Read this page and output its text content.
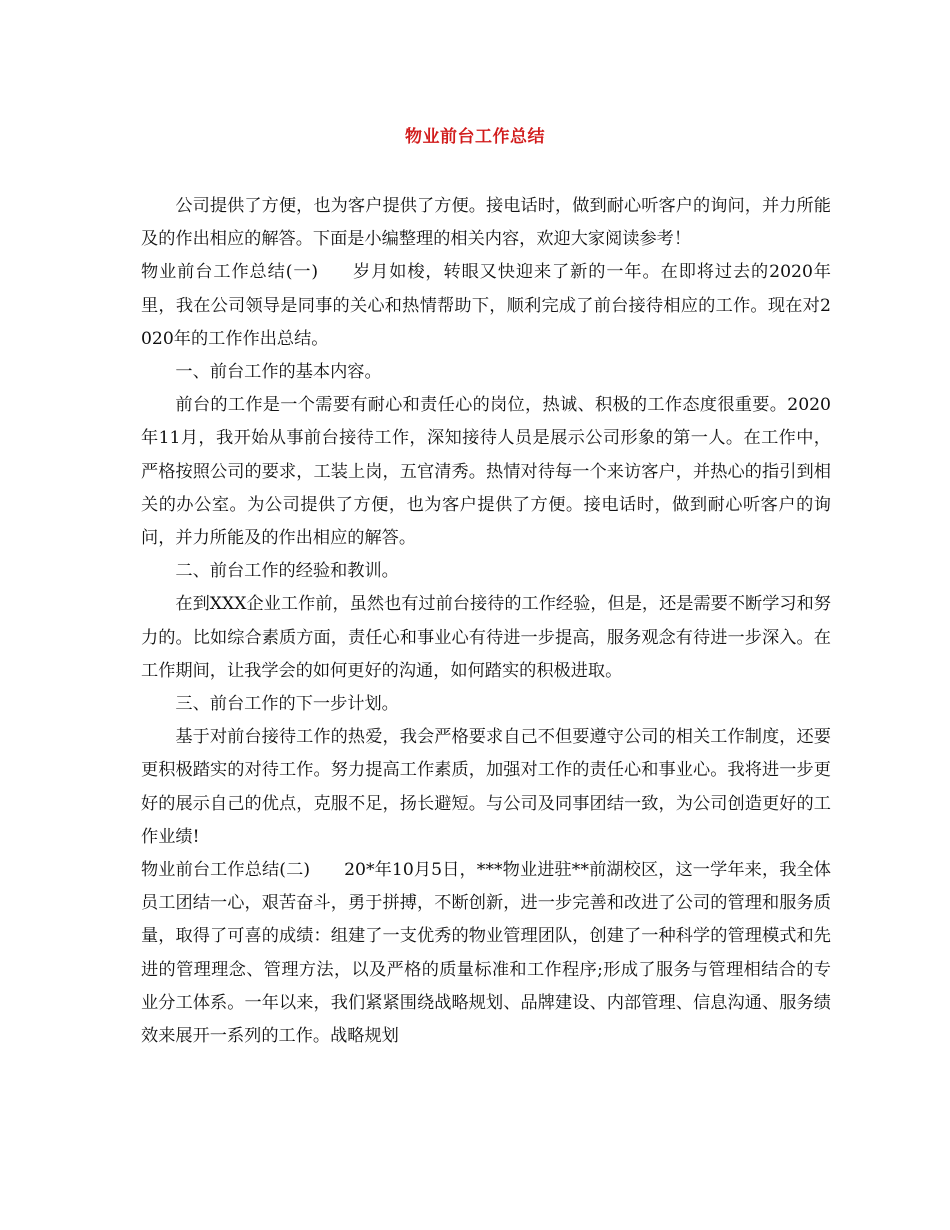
物业前台工作总结

公司提供了方便，也为客户提供了方便。接电话时，做到耐心听客户的询问，并力所能及的作出相应的解答。下面是小编整理的相关内容，欢迎大家阅读参考！

物业前台工作总结(一) 岁月如梭，转眼又快迎来了新的一年。在即将过去的2020年里，我在公司领导是同事的关心和热情帮助下，顺利完成了前台接待相应的工作。现在对2020年的工作作出总结。

一、前台工作的基本内容。

前台的工作是一个需要有耐心和责任心的岗位，热诚、积极的工作态度很重要。2020年11月，我开始从事前台接待工作，深知接待人员是展示公司形象的第一人。在工作中，严格按照公司的要求，工装上岗，五官清秀。热情对待每一个来访客户，并热心的指引到相关的办公室。为公司提供了方便，也为客户提供了方便。接电话时，做到耐心听客户的询问，并力所能及的作出相应的解答。

二、前台工作的经验和教训。

在到XXX企业工作前，虽然也有过前台接待的工作经验，但是，还是需要不断学习和努力的。比如综合素质方面，责任心和事业心有待进一步提高，服务观念有待进一步深入。在工作期间，让我学会的如何更好的沟通，如何踏实的积极进取。

三、前台工作的下一步计划。

基于对前台接待工作的热爱，我会严格要求自己不但要遵守公司的相关工作制度，还要更积极踏实的对待工作。努力提高工作素质，加强对工作的责任心和事业心。我将进一步更好的展示自己的优点，克服不足，扬长避短。与公司及同事团结一致，为公司创造更好的工作业绩!

物业前台工作总结(二) 20*年10月5日，***物业进驻**前湖校区，这一学年来，我全体员工团结一心，艰苦奋斗，勇于拼搏，不断创新，进一步完善和改进了公司的管理和服务质量，取得了可喜的成绩：组建了一支优秀的物业管理团队，创建了一种科学的管理模式和先进的管理理念、管理方法，以及严格的质量标准和工作程序;形成了服务与管理相结合的专业分工体系。一年以来，我们紧紧围绕战略规划、品牌建设、内部管理、信息沟通、服务绩效来展开一系列的工作。战略规划
